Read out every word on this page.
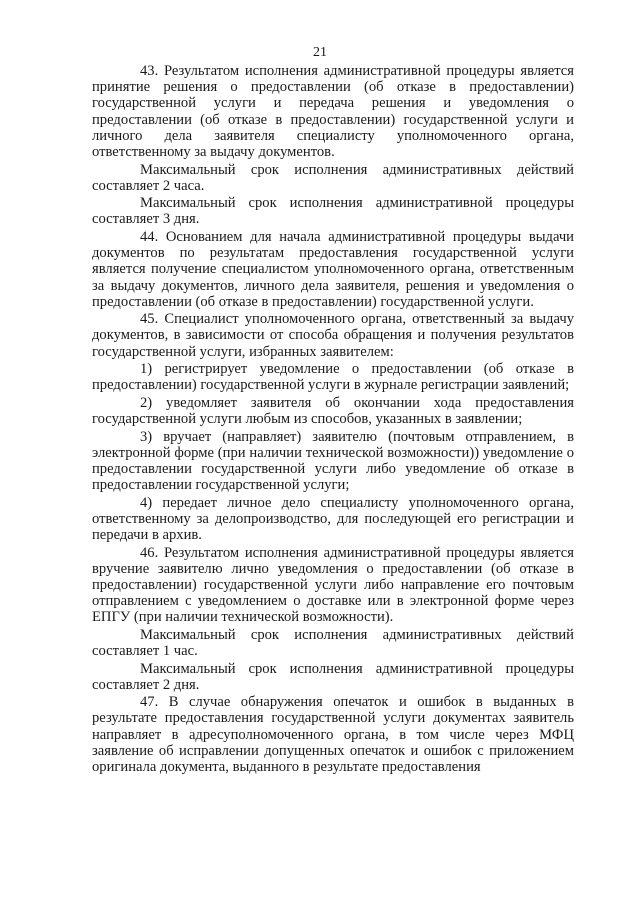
21

43. Результатом исполнения административной процедуры является принятие решения о предоставлении (об отказе в предоставлении) государственной услуги и передача решения и уведомления о предоставлении (об отказе в предоставлении) государственной услуги и личного дела заявителя специалисту уполномоченного органа, ответственному за выдачу документов.

Максимальный срок исполнения административных действий составляет 2 часа.

Максимальный срок исполнения административной процедуры составляет 3 дня.

44. Основанием для начала административной процедуры выдачи документов по результатам предоставления государственной услуги является получение специалистом уполномоченного органа, ответственным за выдачу документов, личного дела заявителя, решения и уведомления о предоставлении (об отказе в предоставлении) государственной услуги.

45. Специалист уполномоченного органа, ответственный за выдачу документов, в зависимости от способа обращения и получения результатов государственной услуги, избранных заявителем:

1) регистрирует уведомление о предоставлении (об отказе в предоставлении) государственной услуги в журнале регистрации заявлений;

2) уведомляет заявителя об окончании хода предоставления государственной услуги любым из способов, указанных в заявлении;

3) вручает (направляет) заявителю (почтовым отправлением, в электронной форме (при наличии технической возможности)) уведомление о предоставлении государственной услуги либо уведомление об отказе в предоставлении государственной услуги;

4) передает личное дело специалисту уполномоченного органа, ответственному за делопроизводство, для последующей его регистрации и передачи в архив.

46. Результатом исполнения административной процедуры является вручение заявителю лично уведомления о предоставлении (об отказе в предоставлении) государственной услуги либо направление его почтовым отправлением с уведомлением о доставке или в электронной форме через ЕПГУ (при наличии технической возможности).

Максимальный срок исполнения административных действий составляет 1 час.

Максимальный срок исполнения административной процедуры составляет 2 дня.

47. В случае обнаружения опечаток и ошибок в выданных в результате предоставления государственной услуги документах заявитель направляет в адресуполномоченного органа, в том числе через МФЦ заявление об исправлении допущенных опечаток и ошибок с приложением оригинала документа, выданного в результате предоставления
